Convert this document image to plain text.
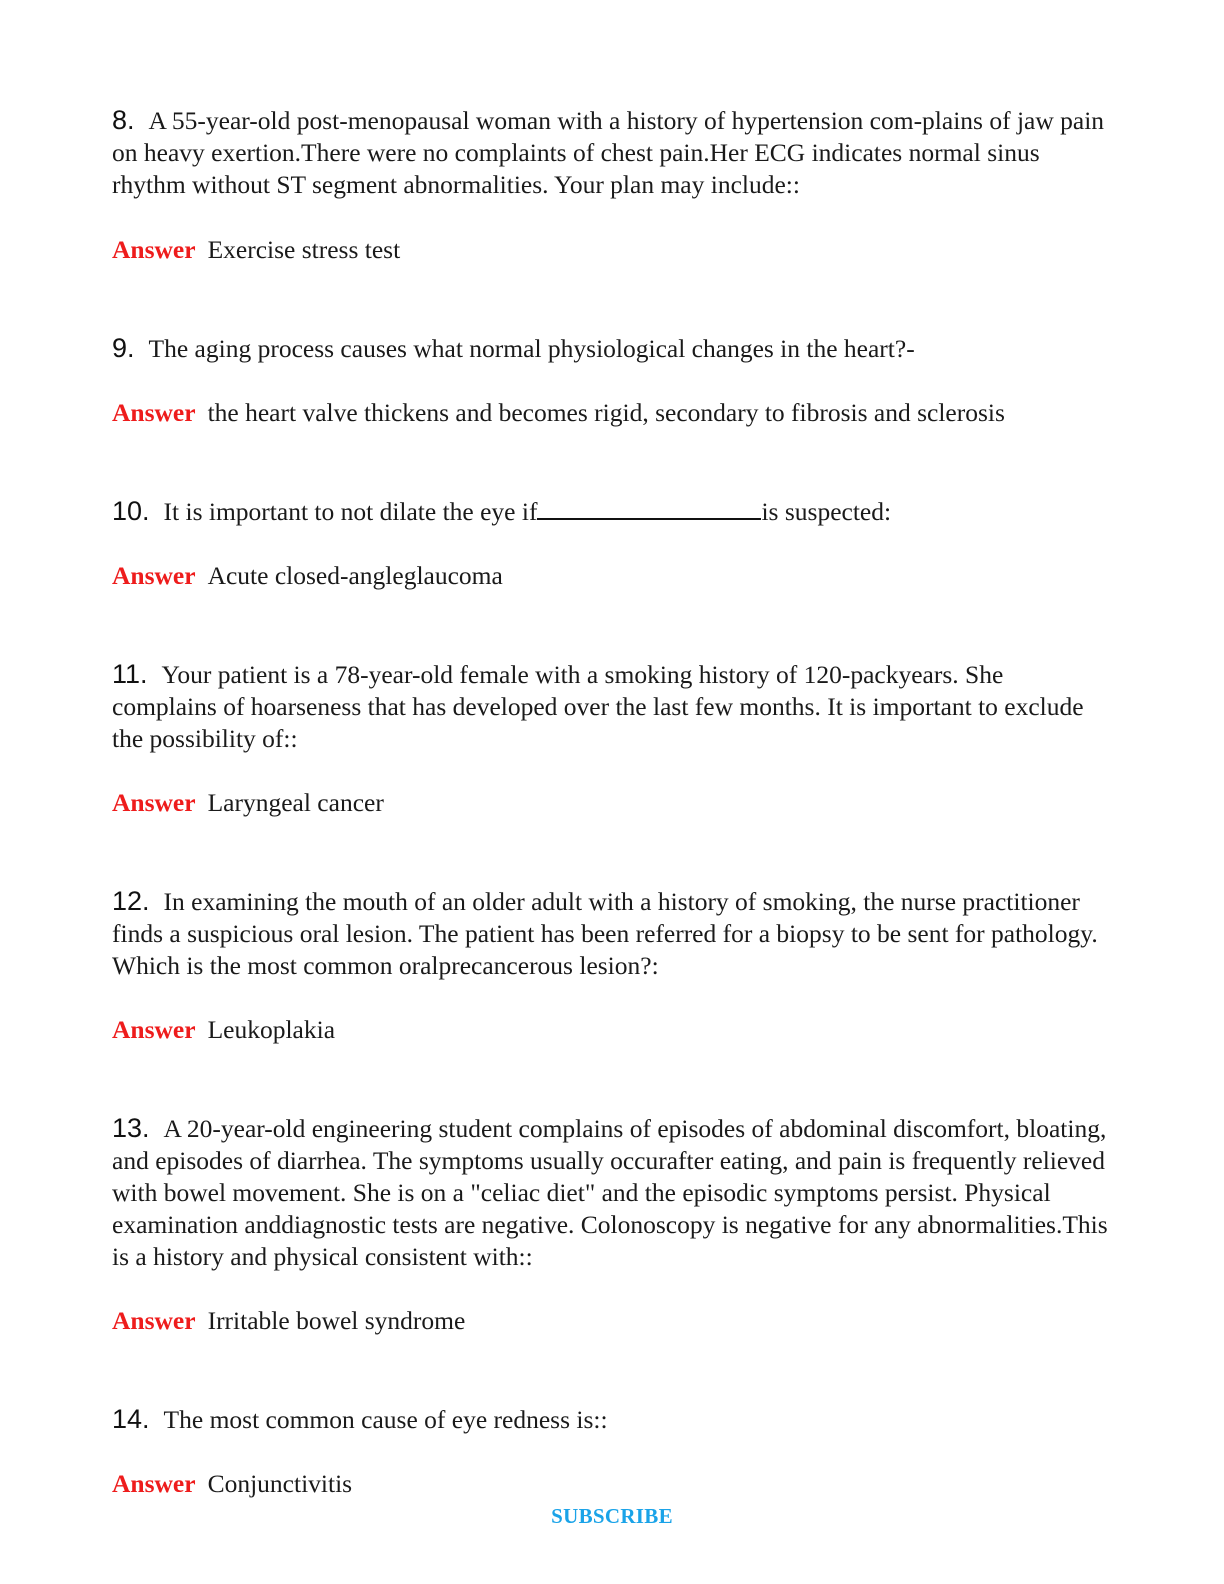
8. A 55-year-old post-menopausal woman with a history of hypertension com-plains of jaw pain on heavy exertion.There were no complaints of chest pain.Her ECG indicates normal sinus rhythm without ST segment abnormalities. Your plan may include::

Answer Exercise stress test

9. The aging process causes what normal physiological changes in the heart?-

Answer the heart valve thickens and becomes rigid, secondary to fibrosis and sclerosis

10. It is important to not dilate the eye if	is suspected:

Answer Acute closed-angleglaucoma

11. Your patient is a 78-year-old female with a smoking history of 120-packyears. She complains of hoarseness that has developed over the last few months. It is important to exclude the possibility of::

Answer Laryngeal cancer

12. In examining the mouth of an older adult with a history of smoking, the nurse practitioner finds a suspicious oral lesion. The patient has been referred for a biopsy to be sent for pathology. Which is the most common oralprecancerous lesion?:

Answer Leukoplakia

13. A 20-year-old engineering student complains of episodes of abdominal discomfort, bloating, and episodes of diarrhea. The symptoms usually occurafter eating, and pain is frequently relieved with bowel movement. She is on a "celiac diet" and the episodic symptoms persist. Physical examination anddiagnostic tests are negative. Colonoscopy is negative for any abnormalities.This is a history and physical consistent with::

Answer Irritable bowel syndrome

14. The most common cause of eye redness is::

Answer Conjunctivitis

SUBSCRIBE
